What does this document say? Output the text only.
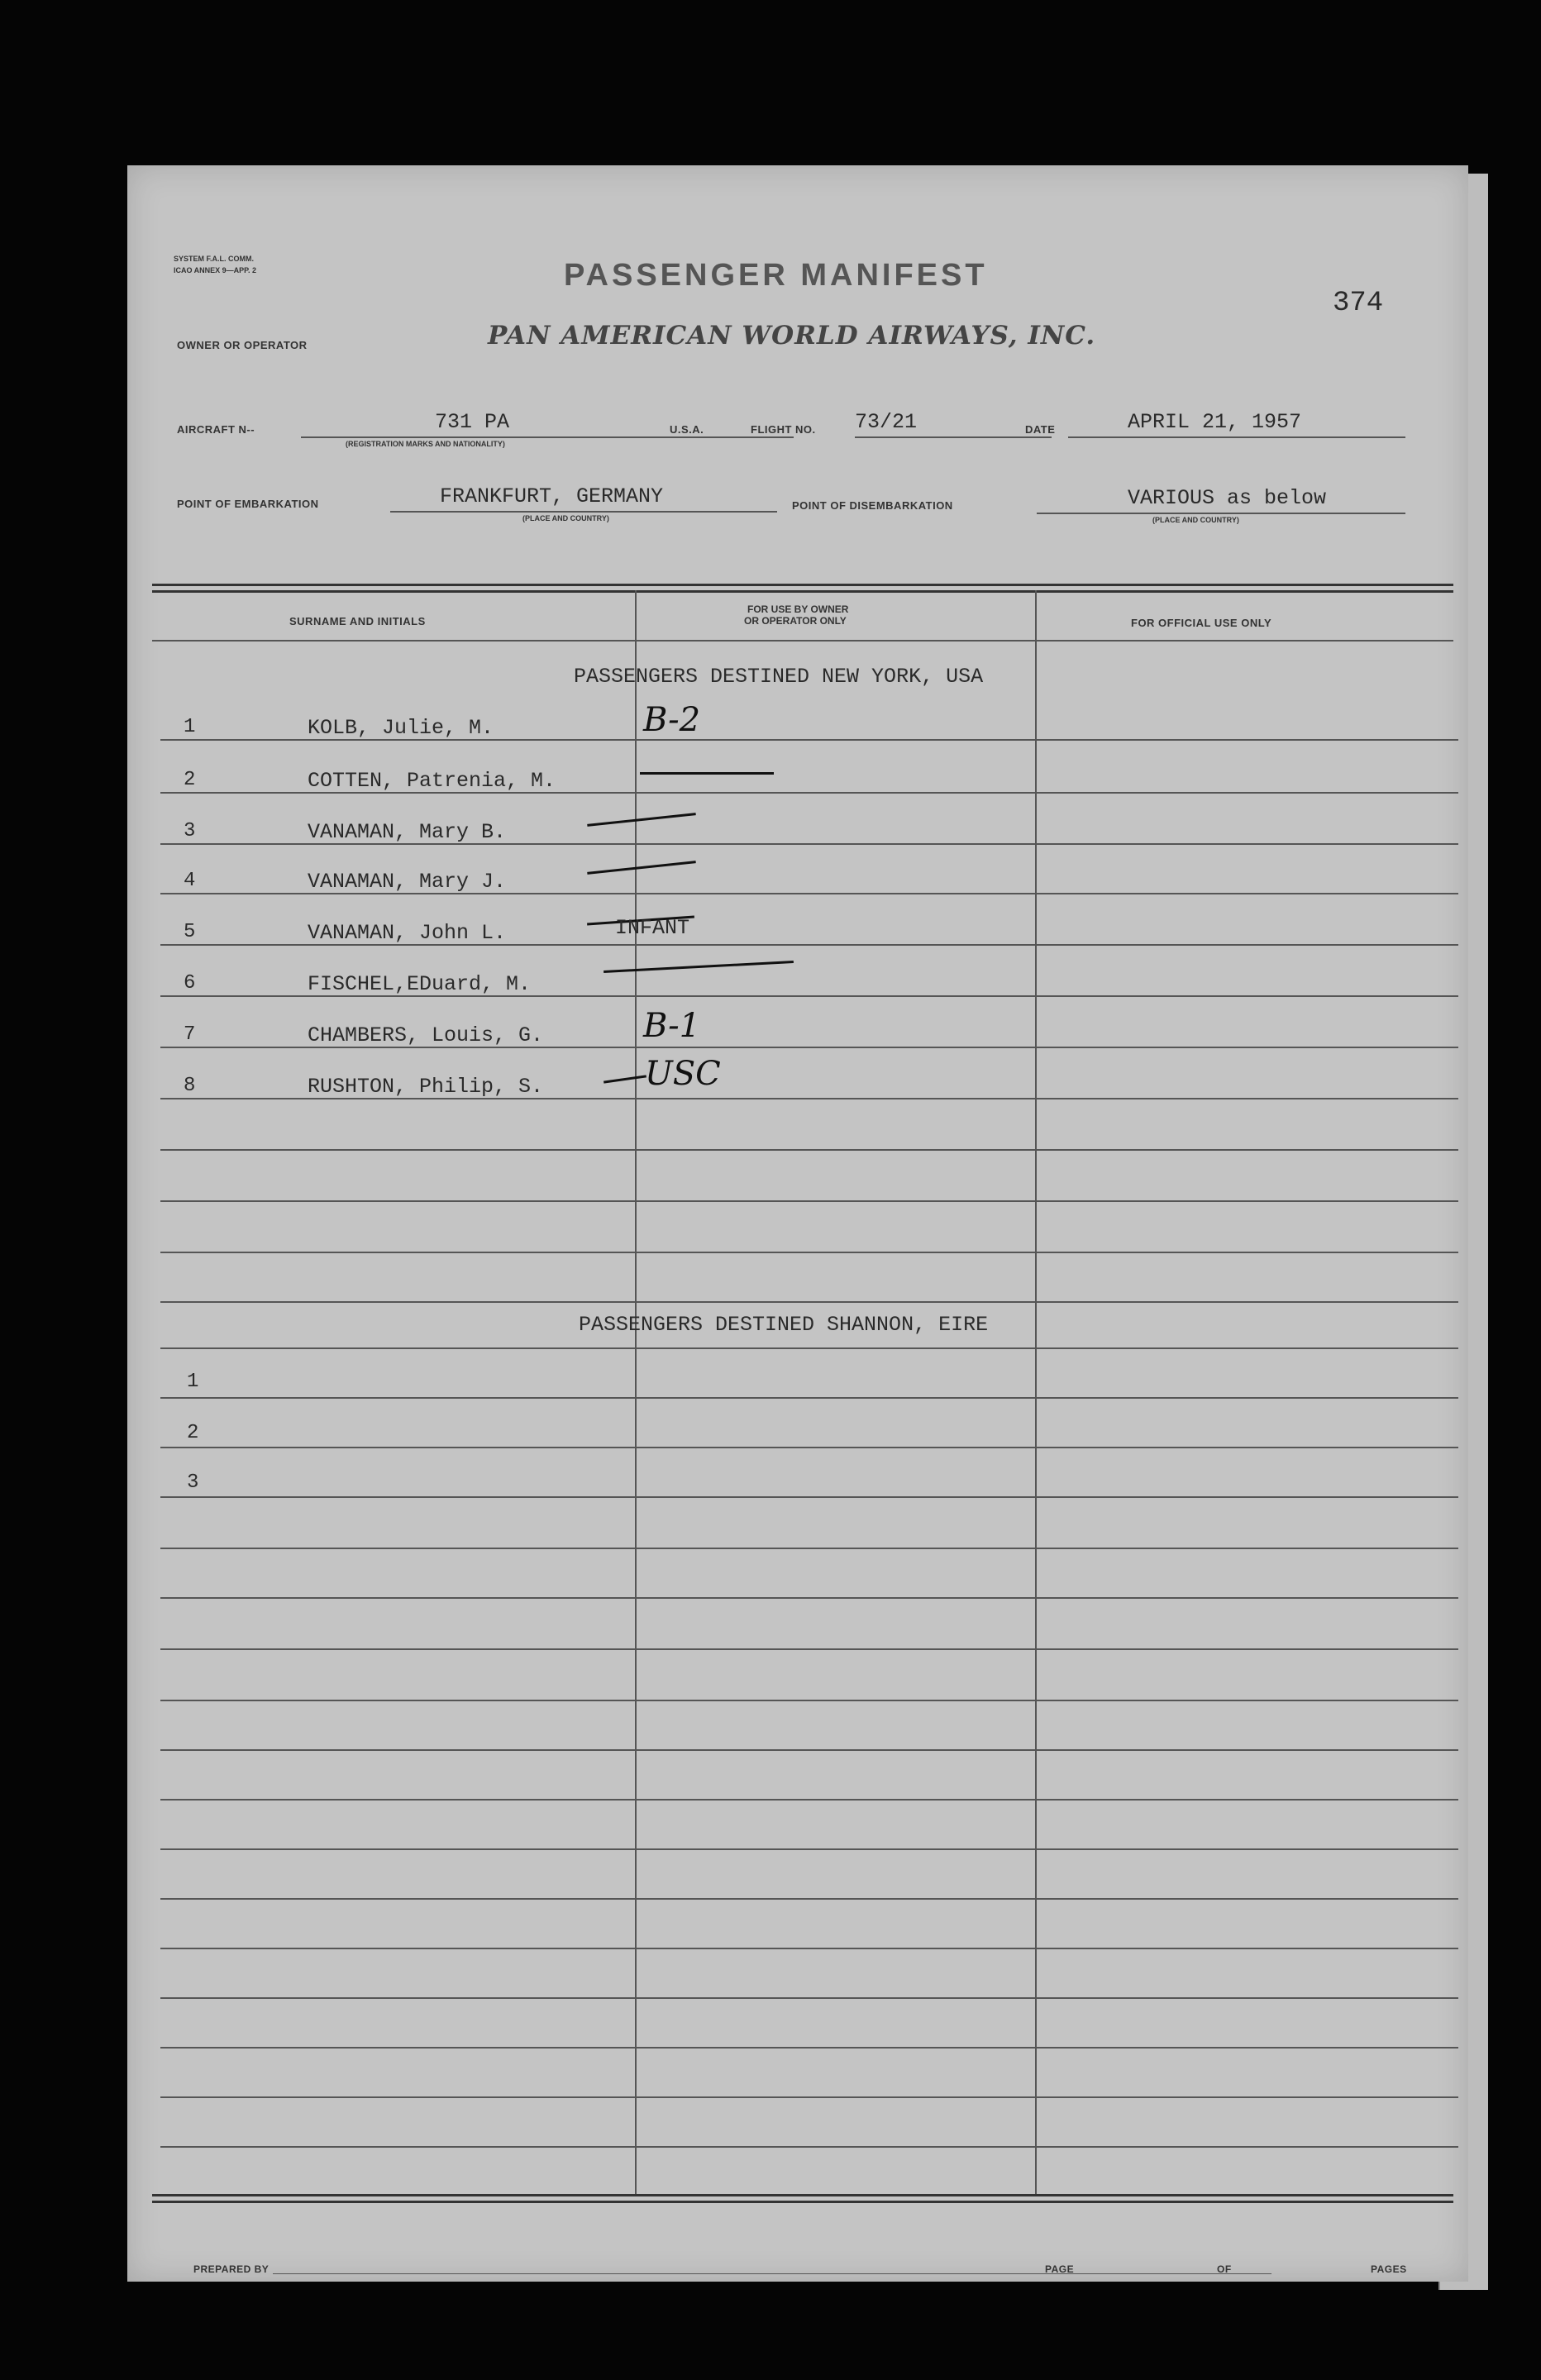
SYSTEM F.A.L. COMM.
ICAO ANNEX 9—APP. 2	PASSENGER MANIFEST
374
OWNER OR OPERATOR	PAN AMERICAN WORLD AIRWAYS, INC.
AIRCRAFT N--	731 PA
(REGISTRATION MARKS AND NATIONALITY)
U.S.A.	FLIGHT NO. 73/21	DATE	APRIL 21, 1957
POINT OF EMBARKATION	FRANKFURT, GERMANY
(PLACE AND COUNTRY)
POINT OF DISEMBARKATION	VARIOUS as below
(PLACE AND COUNTRY)
SURNAME AND INITIALS
FOR USE BY OWNER
OR OPERATOR ONLY	FOR OFFICIAL USE ONLY
PASSENGERS DESTINED NEW YORK, USA
1	KOLB, Julie, M.	B-2
2	COTTEN, Patrenia, M.
3	VANAMAN, Mary B.
4	VANAMAN, Mary J.
5	VANAMAN, John L.	INFANT
6	FISCHEL,EDuard, M.
7	CHAMBERS, Louis, G.	B-1
8	RUSHTON, Philip, S.	USC
PASSENGERS DESTINED SHANNON, EIRE
1
2
3
PREPARED BY	PAGE	OF	PAGES
